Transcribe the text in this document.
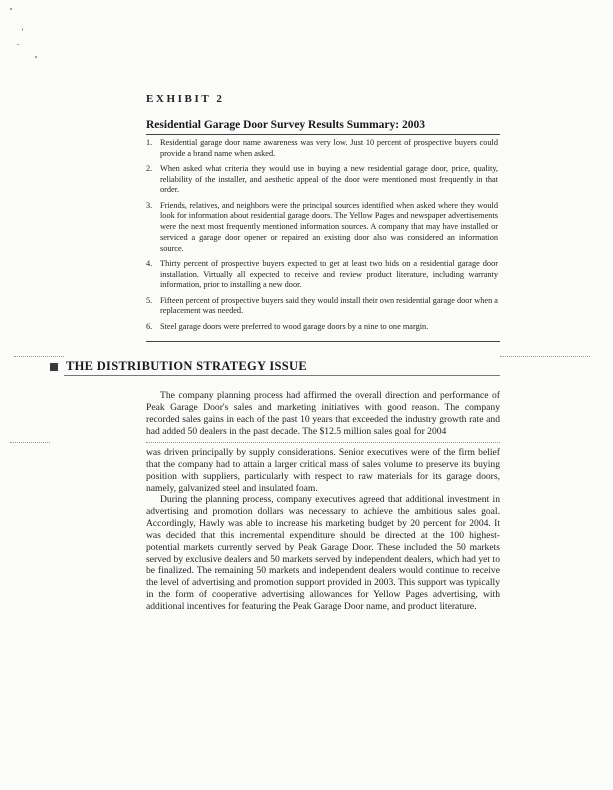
EXHIBIT 2
Residential Garage Door Survey Results Summary: 2003
1. Residential garage door name awareness was very low. Just 10 percent of prospective buyers could provide a brand name when asked.
2. When asked what criteria they would use in buying a new residential garage door, price, quality, reliability of the installer, and aesthetic appeal of the door were mentioned most frequently in that order.
3. Friends, relatives, and neighbors were the principal sources identified when asked where they would look for information about residential garage doors. The Yellow Pages and newspaper advertisements were the next most frequently mentioned information sources. A company that may have installed or serviced a garage door opener or repaired an existing door also was considered an information source.
4. Thirty percent of prospective buyers expected to get at least two bids on a residential garage door installation. Virtually all expected to receive and review product literature, including warranty information, prior to installing a new door.
5. Fifteen percent of prospective buyers said they would install their own residential garage door when a replacement was needed.
6. Steel garage doors were preferred to wood garage doors by a nine to one margin.
THE DISTRIBUTION STRATEGY ISSUE

The company planning process had affirmed the overall direction and performance of Peak Garage Door's sales and marketing initiatives with good reason. The company recorded sales gains in each of the past 10 years that exceeded the industry growth rate and had added 50 dealers in the past decade. The $12.5 million sales goal for 2004

was driven principally by supply considerations. Senior executives were of the firm belief that the company had to attain a larger critical mass of sales volume to preserve its buying position with suppliers, particularly with respect to raw materials for its garage doors, namely, galvanized steel and insulated foam.

During the planning process, company executives agreed that additional investment in advertising and promotion dollars was necessary to achieve the ambitious sales goal. Accordingly, Hawly was able to increase his marketing budget by 20 percent for 2004. It was decided that this incremental expenditure should be directed at the 100 highest-potential markets currently served by Peak Garage Door. These included the 50 markets served by exclusive dealers and 50 markets served by independent dealers, which had yet to be finalized. The remaining 50 markets and independent dealers would continue to receive the level of advertising and promotion support provided in 2003. This support was typically in the form of cooperative advertising allowances for Yellow Pages advertising, with additional incentives for featuring the Peak Garage Door name, and product literature.
